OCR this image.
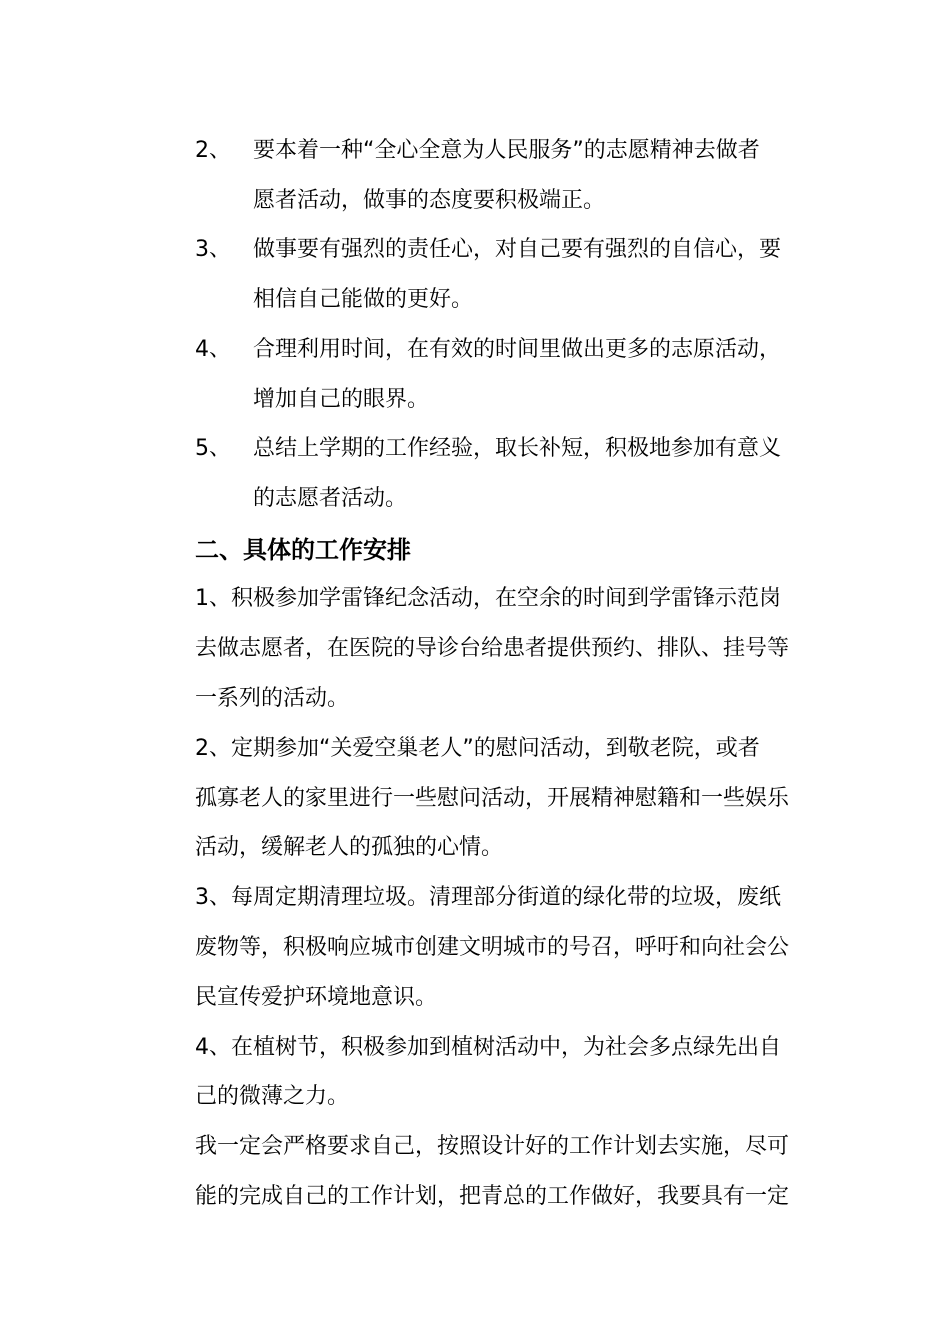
2、 要本着一种“全心全意为人民服务”的志愿精神去做者
愿者活动，做事的态度要积极端正。
3、 做事要有强烈的责任心，对自己要有强烈的自信心，要
相信自己能做的更好。
4、 合理利用时间，在有效的时间里做出更多的志原活动，
增加自己的眼界。
5、 总结上学期的工作经验，取长补短，积极地参加有意义
的志愿者活动。
二、具体的工作安排
1、积极参加学雷锋纪念活动，在空余的时间到学雷锋示范岗
去做志愿者，在医院的导诊台给患者提供预约、排队、挂号等
一系列的活动。
2、定期参加“关爱空巢老人”的慰问活动，到敬老院，或者
孤寡老人的家里进行一些慰问活动，开展精神慰籍和一些娱乐
活动，缓解老人的孤独的心情。
3、每周定期清理垃圾。清理部分街道的绿化带的垃圾，废纸
废物等，积极响应城市创建文明城市的号召，呼吁和向社会公
民宣传爱护环境地意识。
4、在植树节，积极参加到植树活动中，为社会多点绿先出自
己的微薄之力。
我一定会严格要求自己，按照设计好的工作计划去实施，尽可
能的完成自己的工作计划，把青总的工作做好，我要具有一定
